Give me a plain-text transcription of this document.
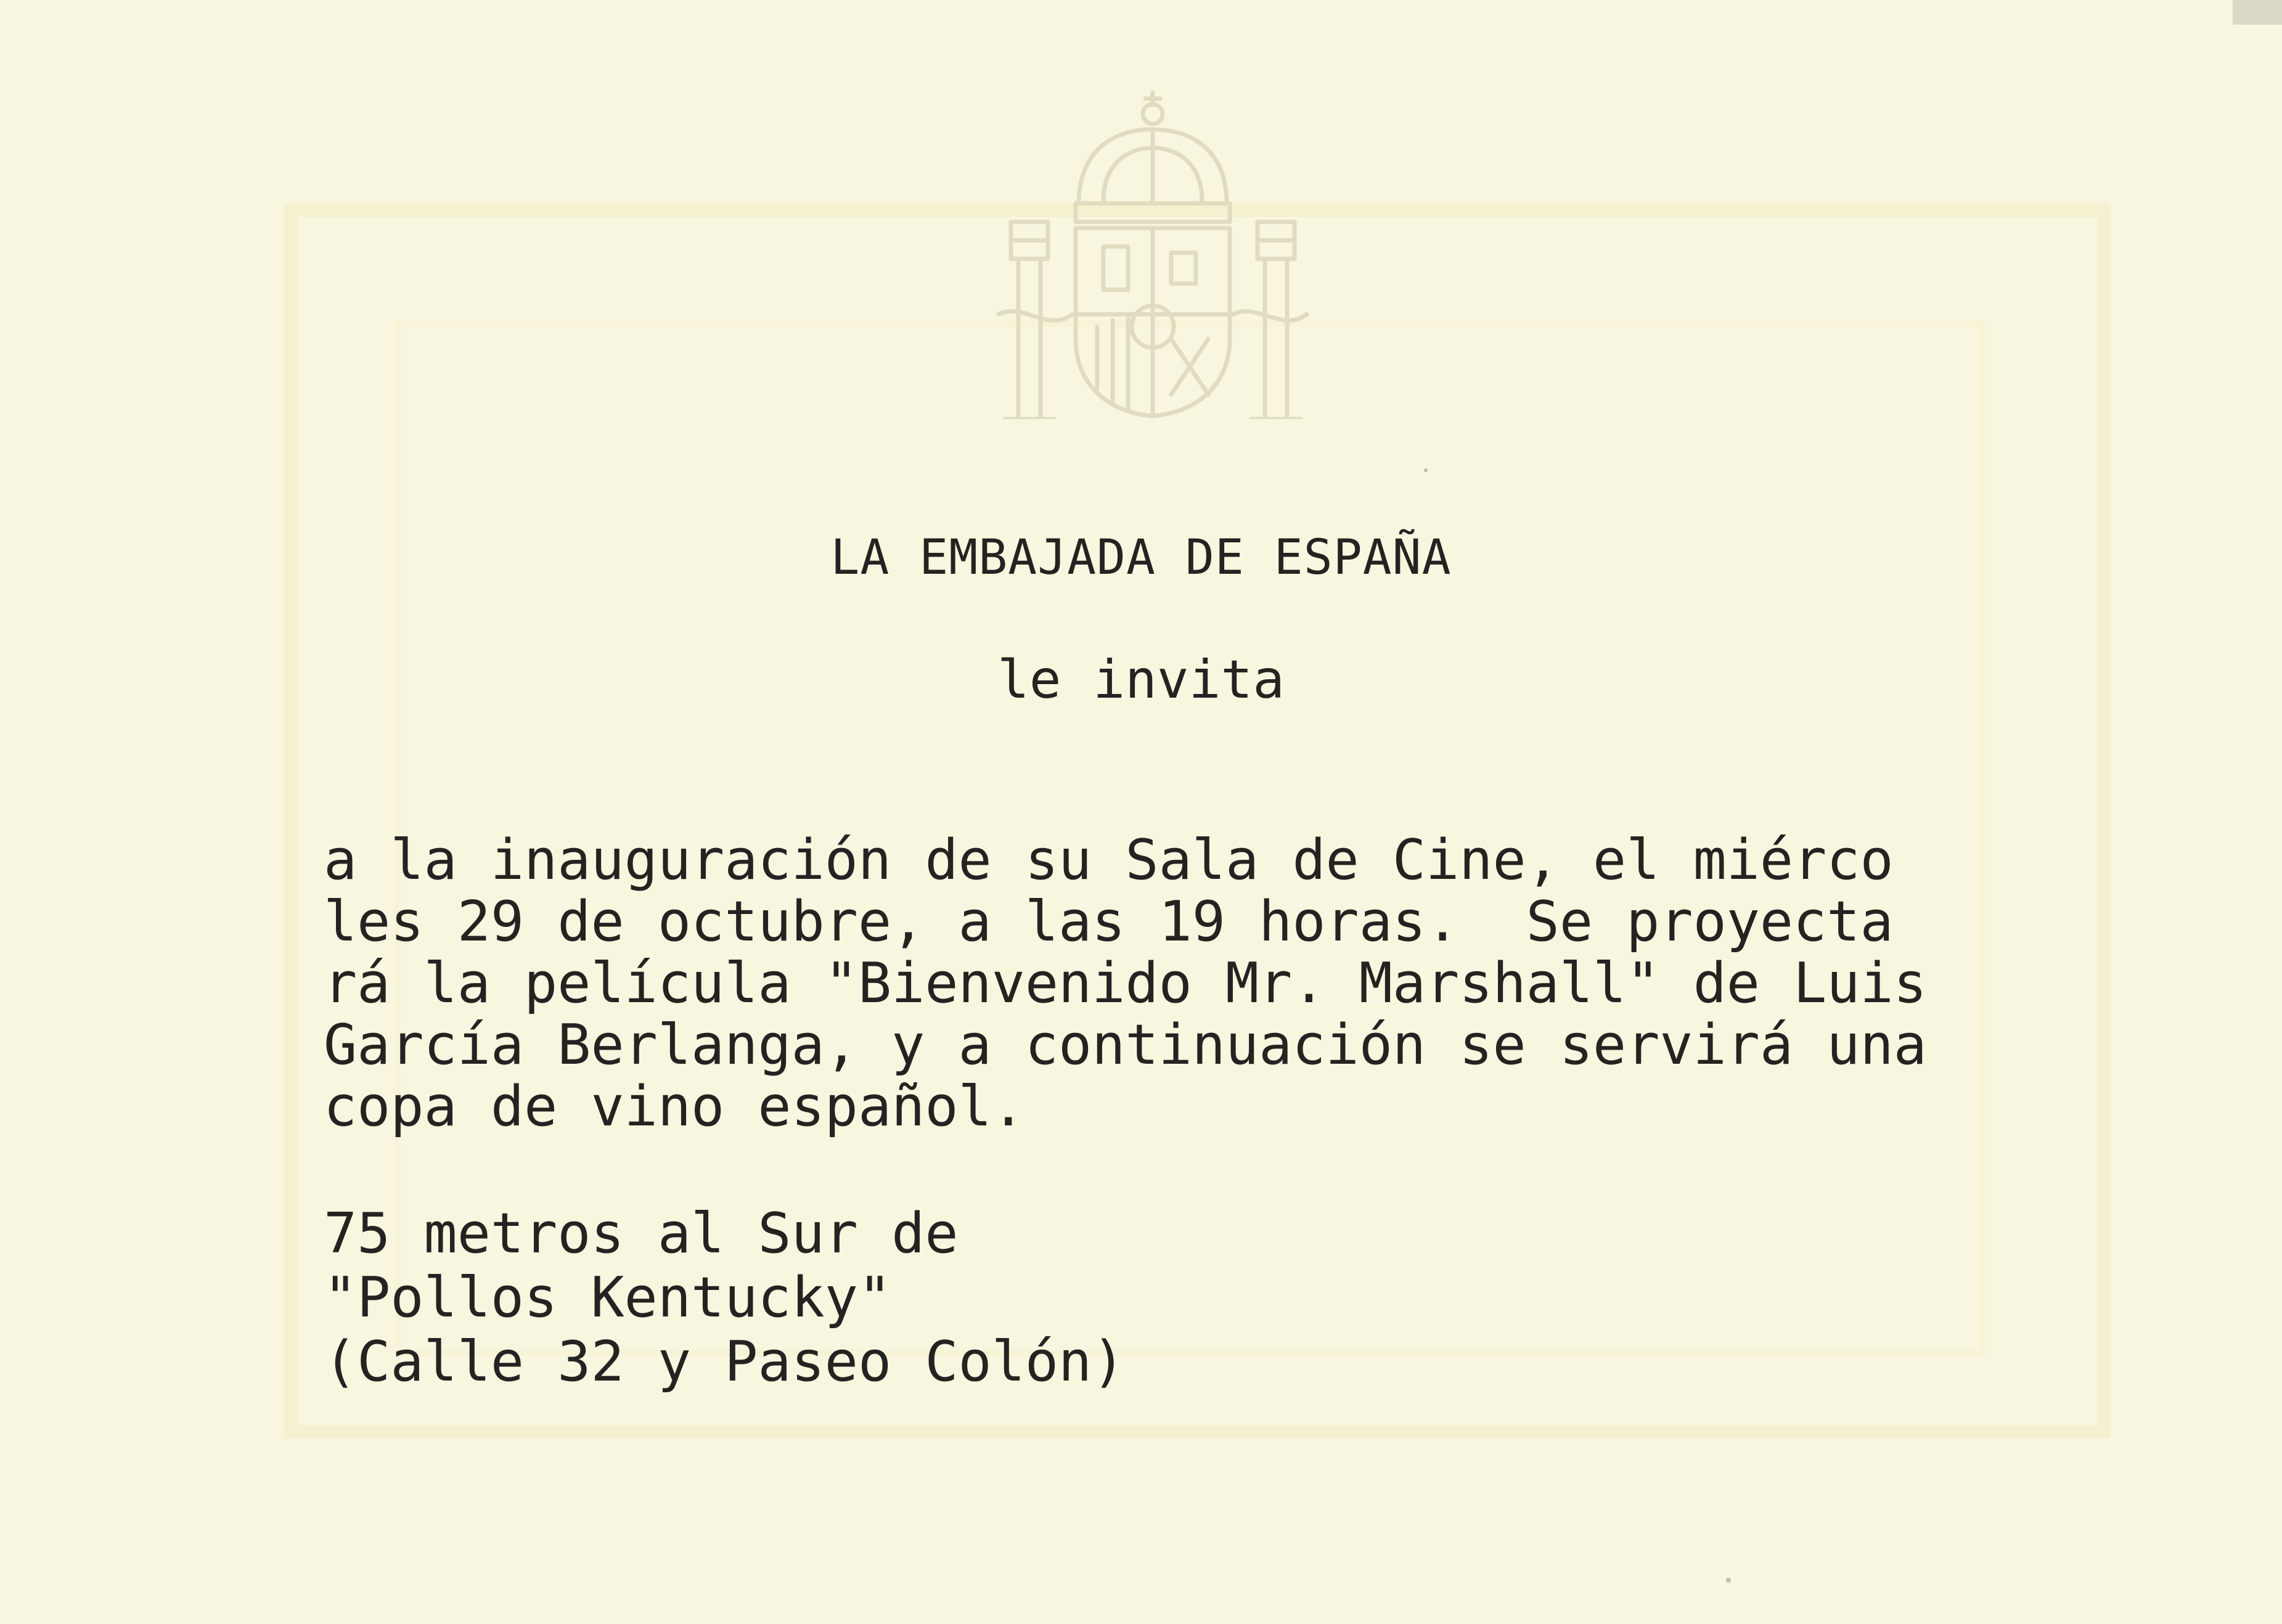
LA EMBAJADA DE ESPAÑA
le invita
a la inauguración de su Sala de Cine, el miérco
les 29 de octubre, a las 19 horas.  Se proyecta
rá la película "Bienvenido Mr. Marshall" de Luis
García Berlanga, y a continuación se servirá una
copa de vino español.
75 metros al Sur de
"Pollos Kentucky"
(Calle 32 y Paseo Colón)
